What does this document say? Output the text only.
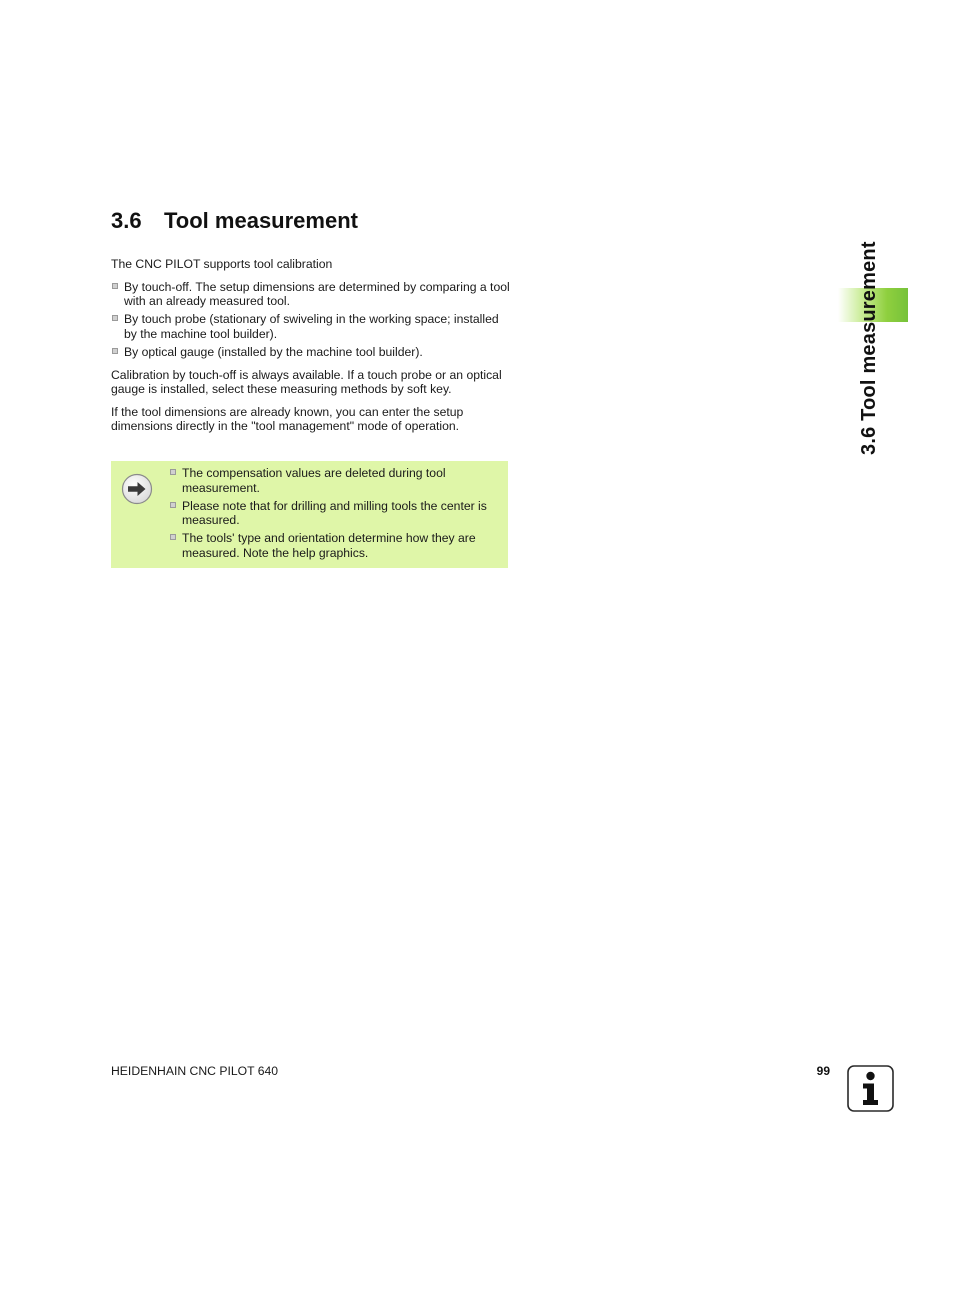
3.6 Tool measurement

The CNC PILOT supports tool calibration

By touch-off. The setup dimensions are determined by comparing a tool with an already measured tool.
By touch probe (stationary of swiveling in the working space; installed by the machine tool builder).
By optical gauge (installed by the machine tool builder).

Calibration by touch-off is always available. If a touch probe or an optical gauge is installed, select these measuring methods by soft key.

If the tool dimensions are already known, you can enter the setup dimensions directly in the "tool management" mode of operation.

The compensation values are deleted during tool measurement.
Please note that for drilling and milling tools the center is measured.
The tools' type and orientation determine how they are measured. Note the help graphics.
3.6 Tool measurement
HEIDENHAIN CNC PILOT 640	99
